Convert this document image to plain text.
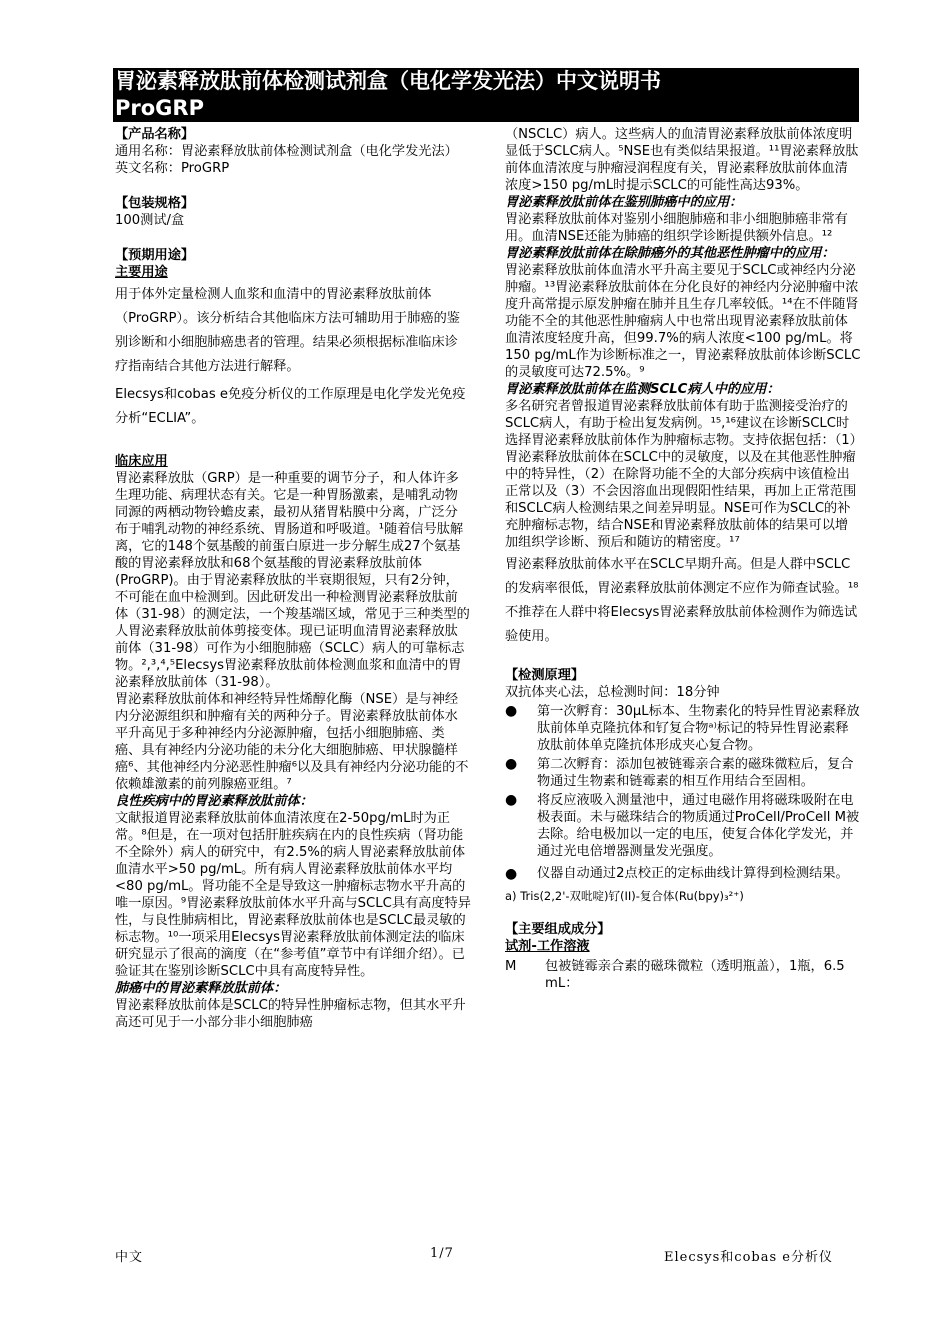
胃泌素释放肽前体检测试剂盒（电化学发光法）中文说明书
ProGRP
【产品名称】
通用名称： 胃泌素释放肽前体检测试剂盒（电化学发光法）
英文名称： ProGRP
【包装规格】

100测试/盒

【预期用途】
主要用途

用于体外定量检测人血浆和血清中的胃泌素释放肽前体（ProGRP）。该分析结合其他临床方法可辅助用于肺癌的鉴别诊断和小细胞肺癌患者的管理。结果必须根据标准临床诊疗指南结合其他方法进行解释。

Elecsys和cobas e免疫分析仪的工作原理是电化学发光免疫分析“ECLIA”。

临床应用

胃泌素释放肽（GRP）是一种重要的调节分子，和人体许多生理功能、病理状态有关。它是一种胃肠激素，是哺乳动物同源的两栖动物铃蟾皮素，最初从猪胃粘膜中分离，广泛分布于哺乳动物的神经系统、胃肠道和呼吸道。¹随着信号肽解离，它的148个氨基酸的前蛋白原进一步分解生成27个氨基酸的胃泌素释放肽和68个氨基酸的胃泌素释放肽前体(ProGRP)。由于胃泌素释放肽的半衰期很短，只有2分钟，不可能在血中检测到。因此研发出一种检测胃泌素释放肽前体（31-98）的测定法，一个羧基端区域，常见于三种类型的人胃泌素释放肽前体剪接变体。现已证明血清胃泌素释放肽前体（31-98）可作为小细胞肺癌（SCLC）病人的可靠标志物。²,³,⁴,⁵Elecsys胃泌素释放肽前体检测血浆和血清中的胃泌素释放肽前体（31-98）。

胃泌素释放肽前体和神经特异性烯醇化酶（NSE）是与神经内分泌源组织和肿瘤有关的两种分子。胃泌素释放肽前体水平升高见于多种神经内分泌源肿瘤，包括小细胞肺癌、类癌、具有神经内分泌功能的未分化大细胞肺癌、甲状腺髓样癌⁶、其他神经内分泌恶性肿瘤⁶以及具有神经内分泌功能的不依赖雄激素的前列腺癌亚组。⁷

良性疾病中的胃泌素释放肽前体：

文献报道胃泌素释放肽前体血清浓度在2-50pg/mL时为正常。⁸但是，在一项对包括肝脏疾病在内的良性疾病（肾功能不全除外）病人的研究中，有2.5%的病人胃泌素释放肽前体血清水平>50 pg/mL。所有病人胃泌素释放肽前体水平均<80 pg/mL。肾功能不全是导致这一肿瘤标志物水平升高的唯一原因。⁹胃泌素释放肽前体水平升高与SCLC具有高度特异性，与良性肺病相比，胃泌素释放肽前体也是SCLC最灵敏的标志物。¹⁰一项采用Elecsys胃泌素释放肽前体测定法的临床研究显示了很高的滴度（在“参考值”章节中有详细介绍）。已验证其在鉴别诊断SCLC中具有高度特异性。

肺癌中的胃泌素释放肽前体：

胃泌素释放肽前体是SCLC的特异性肿瘤标志物，但其水平升高还可见于一小部分非小细胞肺癌

（NSCLC）病人。这些病人的血清胃泌素释放肽前体浓度明显低于SCLC病人。⁵NSE也有类似结果报道。¹¹胃泌素释放肽前体血清浓度与肿瘤浸润程度有关，胃泌素释放肽前体血清浓度>150 pg/mL时提示SCLC的可能性高达93%。

胃泌素释放肽前体在鉴别肺癌中的应用：

胃泌素释放肽前体对鉴别小细胞肺癌和非小细胞肺癌非常有用。血清NSE还能为肺癌的组织学诊断提供额外信息。¹²

胃泌素释放肽前体在除肺癌外的其他恶性肿瘤中的应用：

胃泌素释放肽前体血清水平升高主要见于SCLC或神经内分泌肿瘤。¹³胃泌素释放肽前体在分化良好的神经内分泌肿瘤中浓度升高常提示原发肿瘤在肺并且生存几率较低。¹⁴在不伴随肾功能不全的其他恶性肿瘤病人中也常出现胃泌素释放肽前体血清浓度轻度升高，但99.7%的病人浓度<100 pg/mL。将150 pg/mL作为诊断标准之一，胃泌素释放肽前体诊断SCLC的灵敏度可达72.5%。⁹

胃泌素释放肽前体在监测SCLC病人中的应用：

多名研究者曾报道胃泌素释放肽前体有助于监测接受治疗的SCLC病人，有助于检出复发病例。¹⁵,¹⁶建议在诊断SCLC时选择胃泌素释放肽前体作为肿瘤标志物。支持依据包括：（1）胃泌素释放肽前体在SCLC中的灵敏度，以及在其他恶性肿瘤中的特异性，（2）在除肾功能不全的大部分疾病中该值检出正常以及（3）不会因溶血出现假阳性结果，再加上正常范围和SCLC病人检测结果之间差异明显。NSE可作为SCLC的补充肿瘤标志物，结合NSE和胃泌素释放肽前体的结果可以增加组织学诊断、预后和随访的精密度。¹⁷

胃泌素释放肽前体水平在SCLC早期升高。但是人群中SCLC的发病率很低，胃泌素释放肽前体测定不应作为筛查试验。¹⁸不推荐在人群中将Elecsys胃泌素释放肽前体检测作为筛选试验使用。

【检测原理】

双抗体夹心法，总检测时间：18分钟

●	第一次孵育：30μL标本、生物素化的特异性胃泌素释放肽前体单克隆抗体和钌复合物ᵃ⁾标记的特异性胃泌素释放肽前体单克隆抗体形成夹心复合物。
●	第二次孵育：添加包被链霉亲合素的磁珠微粒后，复合物通过生物素和链霉素的相互作用结合至固相。
●	将反应液吸入测量池中，通过电磁作用将磁珠吸附在电极表面。未与磁珠结合的物质通过ProCell/ProCell M被去除。给电极加以一定的电压，使复合体化学发光，并通过光电倍增器测量发光强度。
●	仪器自动通过2点校正的定标曲线计算得到检测结果。

a) Tris(2,2'-双吡啶)钌(II)-复合体(Ru(bpy)₃²⁺)

【主要组成成分】
试剂-工作溶液
M	包被链霉亲合素的磁珠微粒（透明瓶盖），1瓶，6.5 mL：
中文	1/7	Elecsys和cobas e分析仪
